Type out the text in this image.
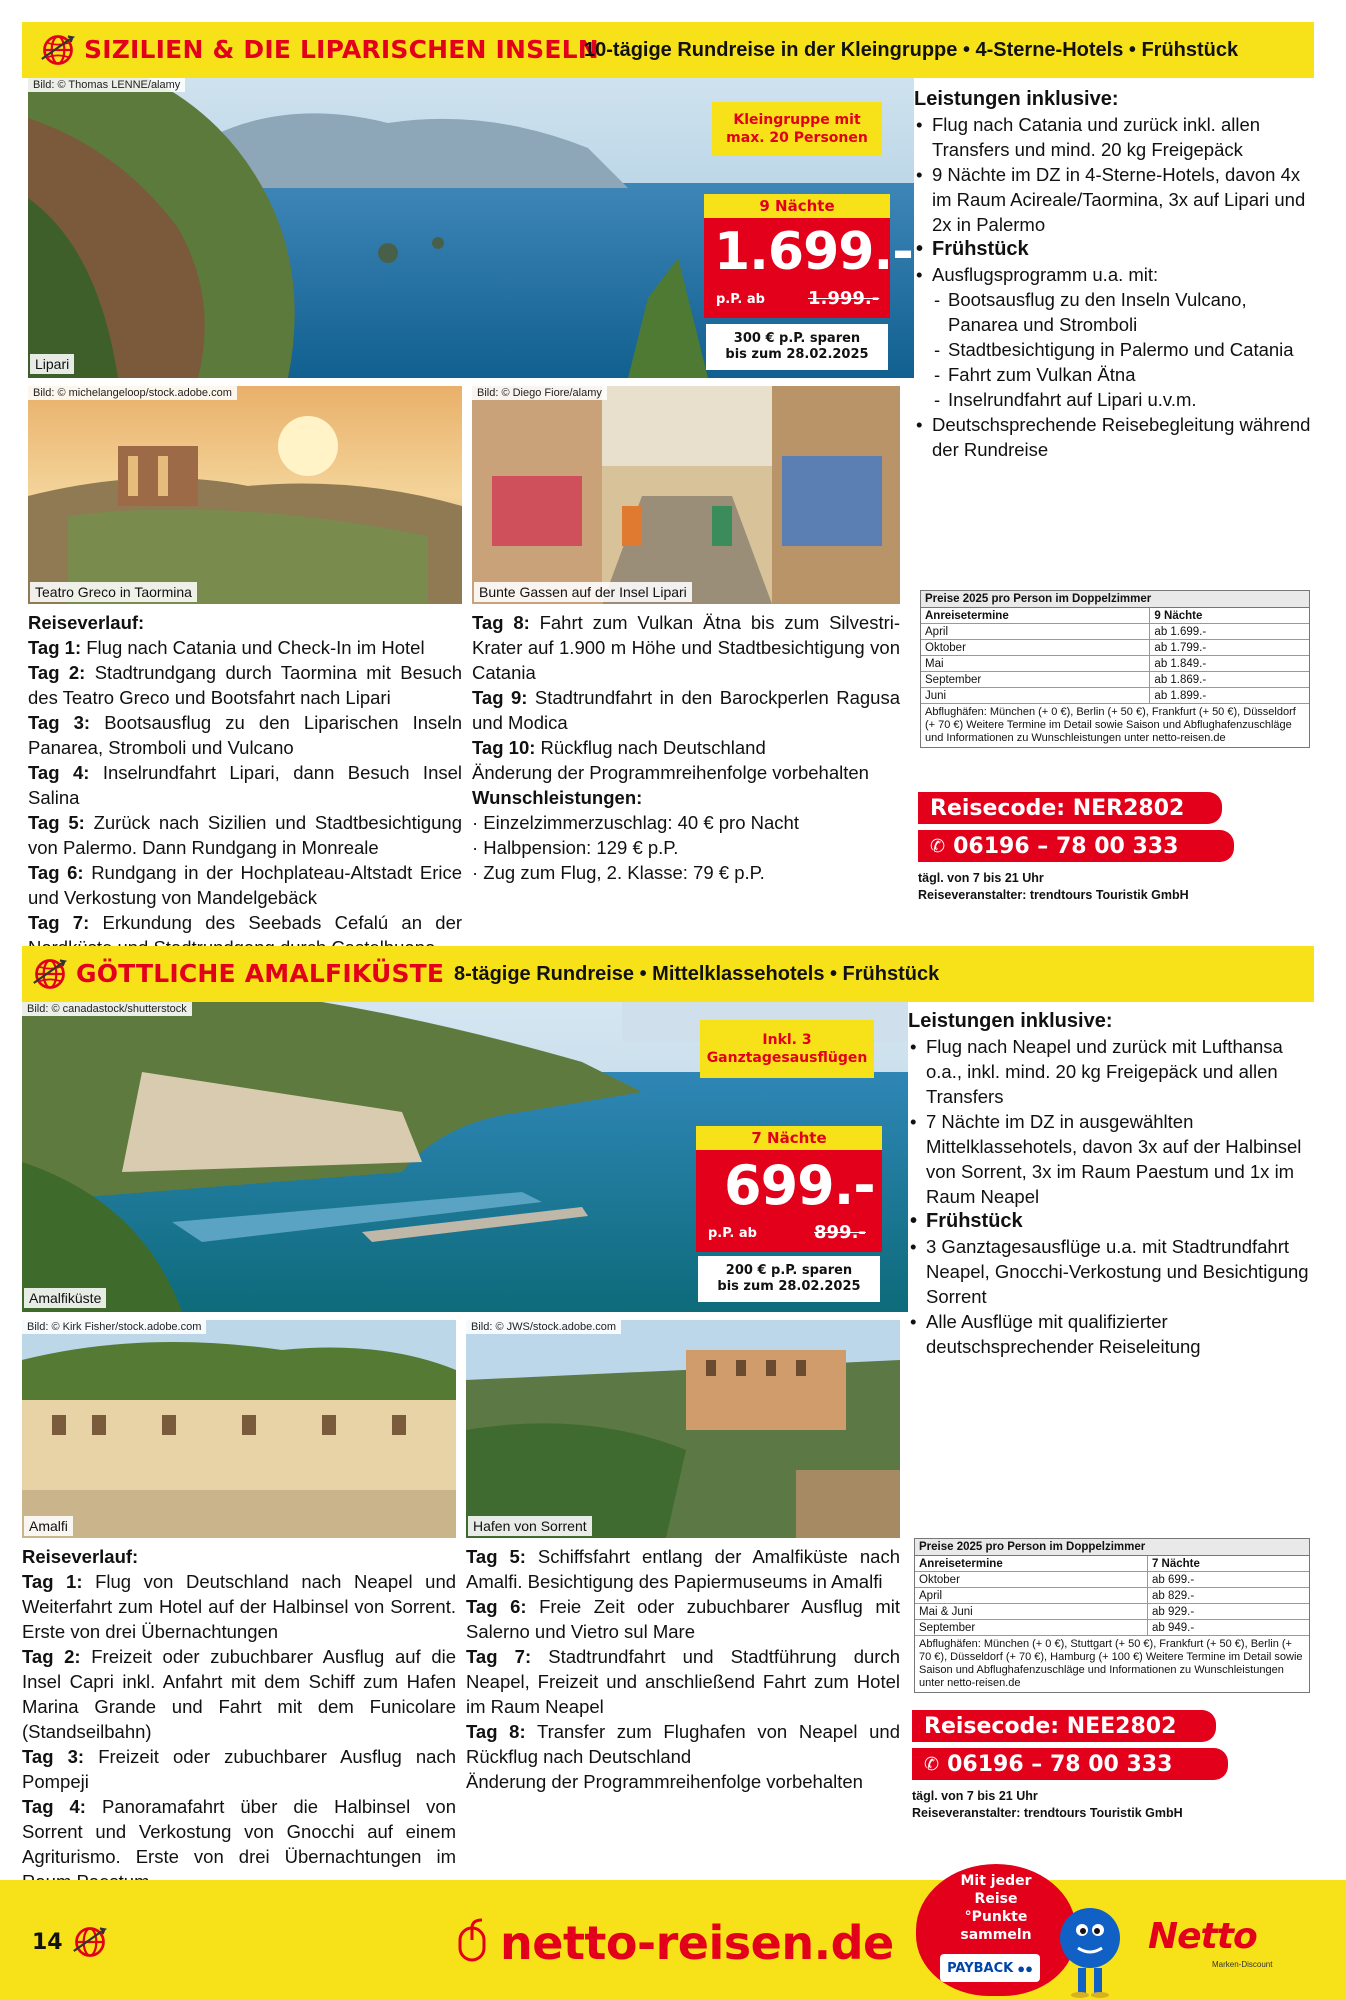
SIZILIEN & DIE LIPARISCHEN INSELN
10-tägige Rundreise in der Kleingruppe • 4-Sterne-Hotels • Frühstück
Bild: © Thomas LENNE/alamy
Lipari
Kleingruppe mit max. 20 Personen
9 Nächte
1.699.-
p.P. ab 1.999.-
300 € p.P. sparen bis zum 28.02.2025
Bild: © michelangeloop/stock.adobe.com
Teatro Greco in Taormina
Bild: © Diego Fiore/alamy
Bunte Gassen auf der Insel Lipari
Leistungen inklusive:
• Flug nach Catania und zurück inkl. allen Transfers und mind. 20 kg Freigepäck
• 9 Nächte im DZ in 4-Sterne-Hotels, davon 4x im Raum Acireale/Taormina, 3x auf Lipari und 2x in Palermo
• Frühstück
• Ausflugsprogramm u.a. mit:
- Bootsausflug zu den Inseln Vulcano, Panarea und Stromboli
- Stadtbesichtigung in Palermo und Catania
- Fahrt zum Vulkan Ätna
- Inselrundfahrt auf Lipari u.v.m.
• Deutschsprechende Reisebegleitung während der Rundreise

Reiseverlauf:

Tag 1: Flug nach Catania und Check-In im Hotel

Tag 2: Stadtrundgang durch Taormina mit Besuch des Teatro Greco und Bootsfahrt nach Lipari

Tag 3: Bootsausflug zu den Liparischen Inseln Panarea, Stromboli und Vulcano

Tag 4: Inselrundfahrt Lipari, dann Besuch Insel Salina

Tag 5: Zurück nach Sizilien und Stadtbesichtigung von Palermo. Dann Rundgang in Monreale

Tag 6: Rundgang in der Hochplateau-Altstadt Erice und Verkostung von Mandelgebäck

Tag 7: Erkundung des Seebads Cefalú an der

Tag 8: Fahrt zum Vulkan Ätna bis zum Silvestri-Krater auf 1.900 m Höhe und Stadtbesichtigung von Catania

Tag 9: Stadtrundfahrt in den Barockperlen Ragusa und Modica

Tag 10: Rückflug nach Deutschland

Änderung der Programmreihenfolge vorbehalten

Wunschleistungen:

· Einzelzimmerzuschlag: 40 € pro Nacht

· Halbpension: 129 € p.P.

· Zug zum Flug, 2. Klasse: 79 € p.P.

Preise 2025 pro Person im Doppelzimmer
Anreisetermine	9 Nächte
April	ab 1.699.-
Oktober	ab 1.799.-
Mai	ab 1.849.-
September	ab 1.869.-
Juni	ab 1.899.-
Abflughäfen: München (+ 0 €), Berlin (+ 50 €), Frankfurt (+ 50 €), Düsseldorf (+ 70 €) Weitere Termine im Detail sowie Saison und Abflughafenzuschläge und Informationen zu Wunschleistungen unter netto-reisen.de
Reisecode: NER2802
✆ 06196 – 78 00 333
tägl. von 7 bis 21 Uhr
Reiseveranstalter: trendtours Touristik GmbH
GÖTTLICHE AMALFIKÜSTE 8-tägige Rundreise • Mittelklassehotels • Frühstück
Bild: © canadastock/shutterstock
Amalfiküste
Inkl. 3 Ganztagesausflügen
7 Nächte
699.-
p.P. ab	899.-
200 € p.P. sparen bis zum 28.02.2025
Bild: © Kirk Fisher/stock.adobe.com
Amalfi
Bild: © JWS/stock.adobe.com
Hafen von Sorrent
Leistungen inklusive:
• Flug nach Neapel und zurück mit Lufthansa o.a., inkl. mind. 20 kg Freigepäck und allen Transfers
• 7 Nächte im DZ in ausgewählten Mittelklassehotels, davon 3x auf der Halbinsel von Sorrent, 3x im Raum Paestum und 1x im Raum Neapel
• Frühstück
• 3 Ganztagesausflüge u.a. mit Stadtrundfahrt Neapel, Gnocchi-Verkostung und Besichtigung Sorrent
• Alle Ausflüge mit qualifizierter deutschsprechender Reiseleitung

Reiseverlauf:

Tag 1: Flug von Deutschland nach Neapel und Weiterfahrt zum Hotel auf der Halbinsel von Sorrent. Erste von drei Übernachtungen

Tag 2: Freizeit oder zubuchbarer Ausflug auf die Insel Capri inkl. Anfahrt mit dem Schiff zum Hafen Marina Grande und Fahrt mit dem Funicolare (Standseilbahn)

Tag 3: Freizeit oder zubuchbarer Ausflug nach Pompeji

Tag 4: Panoramafahrt über die Halbinsel von Sorrent und Verkostung von Gnocchi auf einem Agriturismo. Erste von drei Übernachtungen im

Tag 5: Schiffsfahrt entlang der Amalfiküste nach Amalfi. Besichtigung des Papiermuseums in Amalfi

Tag 6: Freie Zeit oder zubuchbarer Ausflug mit Salerno und Vietro sul Mare

Tag 7: Stadtrundfahrt und Stadtführung durch Neapel, Freizeit und anschließend Fahrt zum Hotel im Raum Neapel

Tag 8: Transfer zum Flughafen von Neapel und Rückflug nach Deutschland

Änderung der Programmreihenfolge vorbehalten

Preise 2025 pro Person im Doppelzimmer
Anreisetermine	7 Nächte
Oktober	ab 699.-
April	ab 829.-
Mai & Juni	ab 929.-
September	ab 949.-
Abflughäfen: München (+ 0 €), Stuttgart (+ 50 €), Frankfurt (+ 50 €), Berlin (+ 70 €), Düsseldorf (+ 70 €), Hamburg (+ 100 €) Weitere Termine im Detail sowie Saison und Abflughafenzuschläge und Informationen zu Wunschleistungen unter netto-reisen.de
Reisecode: NEE2802
✆ 06196 – 78 00 333
tägl. von 7 bis 21 Uhr
Reiseveranstalter: trendtours Touristik GmbH
14	netto-reisen.de
Mit jeder Reise °Punkte sammeln
PAYBACK ●●
Netto
Marken-Discount
